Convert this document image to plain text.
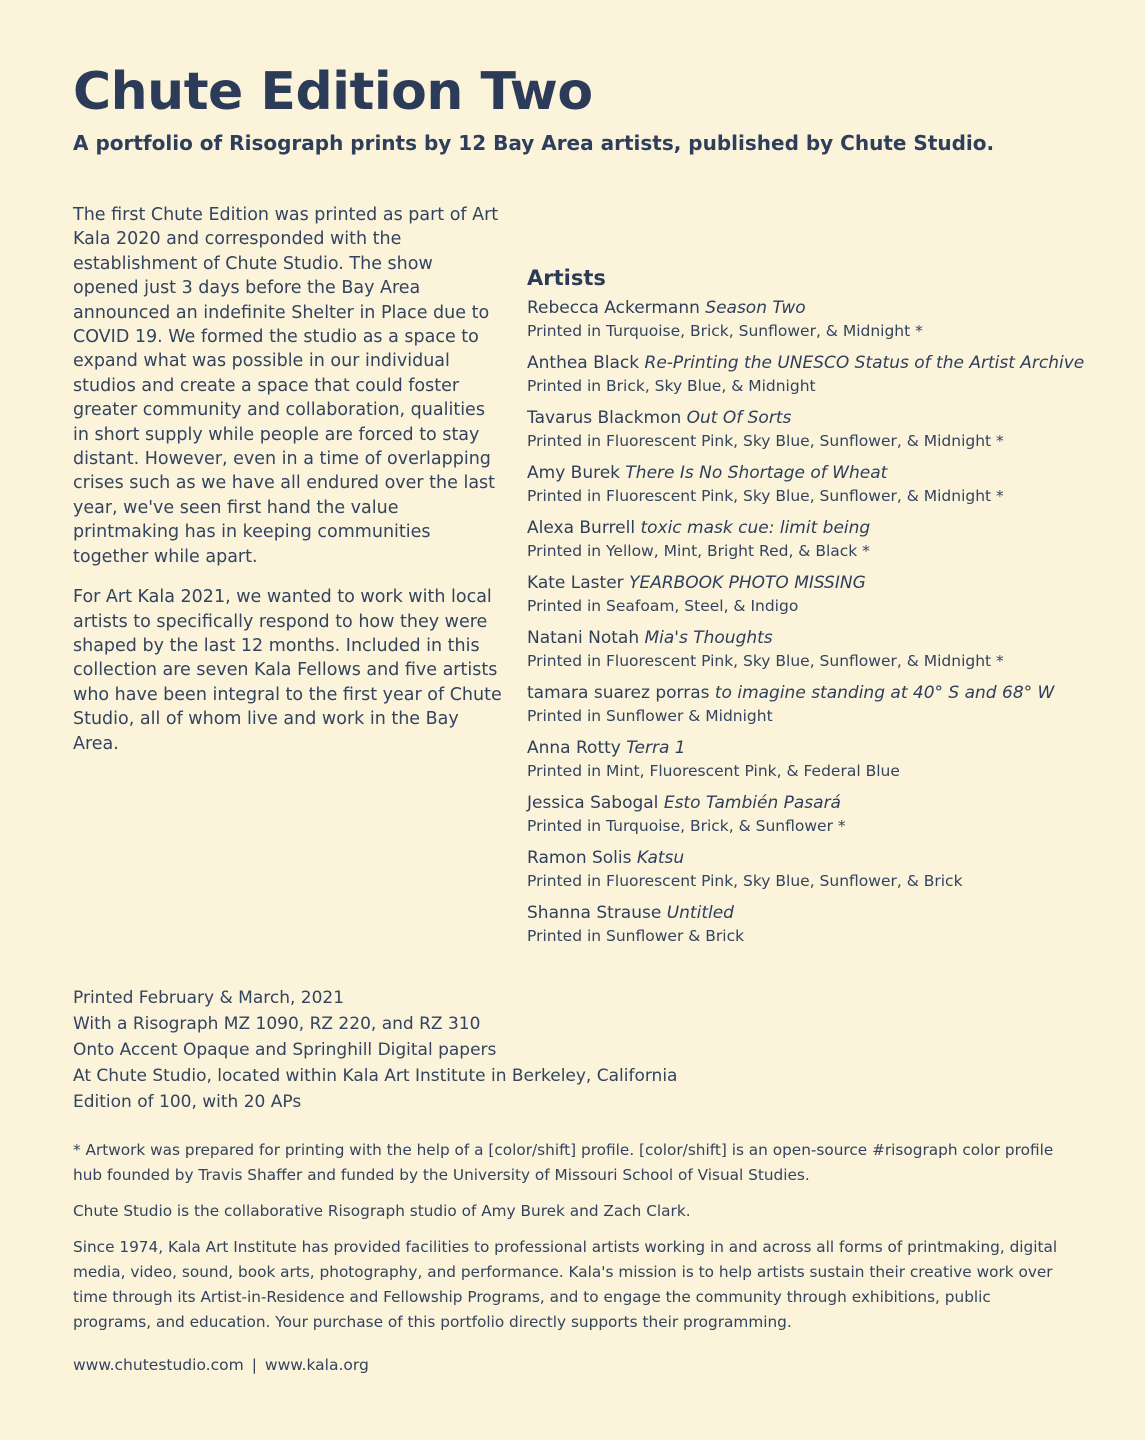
Chute Edition Two
A portfolio of Risograph prints by 12 Bay Area artists, published by Chute Studio.

The first Chute Edition was printed as part of Art Kala 2020 and corresponded with the establishment of Chute Studio. The show opened just 3 days before the Bay Area announced an indefinite Shelter in Place due to COVID 19. We formed the studio as a space to expand what was possible in our individual studios and create a space that could foster greater community and collaboration, qualities in short supply while people are forced to stay distant. However, even in a time of overlapping crises such as we have all endured over the last year, we've seen first hand the value printmaking has in keeping communities together while apart.

For Art Kala 2021, we wanted to work with local artists to specifically respond to how they were shaped by the last 12 months. Included in this collection are seven Kala Fellows and five artists who have been integral to the first year of Chute Studio, all of whom live and work in the Bay Area.

Artists
Rebecca Ackermann Season Two
Printed in Turquoise, Brick, Sunflower, & Midnight *
Anthea Black Re-Printing the UNESCO Status of the Artist Archive
Printed in Brick, Sky Blue, & Midnight
Tavarus Blackmon Out Of Sorts
Printed in Fluorescent Pink, Sky Blue, Sunflower, & Midnight *
Amy Burek There Is No Shortage of Wheat
Printed in Fluorescent Pink, Sky Blue, Sunflower, & Midnight *
Alexa Burrell toxic mask cue: limit being
Printed in Yellow, Mint, Bright Red, & Black *
Kate Laster YEARBOOK PHOTO MISSING
Printed in Seafoam, Steel, & Indigo
Natani Notah Mia's Thoughts
Printed in Fluorescent Pink, Sky Blue, Sunflower, & Midnight *
tamara suarez porras to imagine standing at 40° S and 68° W
Printed in Sunflower & Midnight
Anna Rotty Terra 1
Printed in Mint, Fluorescent Pink, & Federal Blue
Jessica Sabogal Esto También Pasará
Printed in Turquoise, Brick, & Sunflower *
Ramon Solis Katsu
Printed in Fluorescent Pink, Sky Blue, Sunflower, & Brick
Shanna Strause Untitled
Printed in Sunflower & Brick
Printed February & March, 2021
With a Risograph MZ 1090, RZ 220, and RZ 310
Onto Accent Opaque and Springhill Digital papers
At Chute Studio, located within Kala Art Institute in Berkeley, California
Edition of 100, with 20 APs

* Artwork was prepared for printing with the help of a [color/shift] profile. [color/shift] is an open-source #risograph color profile hub founded by Travis Shaffer and funded by the University of Missouri School of Visual Studies.

Chute Studio is the collaborative Risograph studio of Amy Burek and Zach Clark.

Since 1974, Kala Art Institute has provided facilities to professional artists working in and across all forms of printmaking, digital media, video, sound, book arts, photography, and performance. Kala's mission is to help artists sustain their creative work over time through its Artist-in-Residence and Fellowship Programs, and to engage the community through exhibitions, public programs, and education. Your purchase of this portfolio directly supports their programming.

www.chutestudio.com | www.kala.org
